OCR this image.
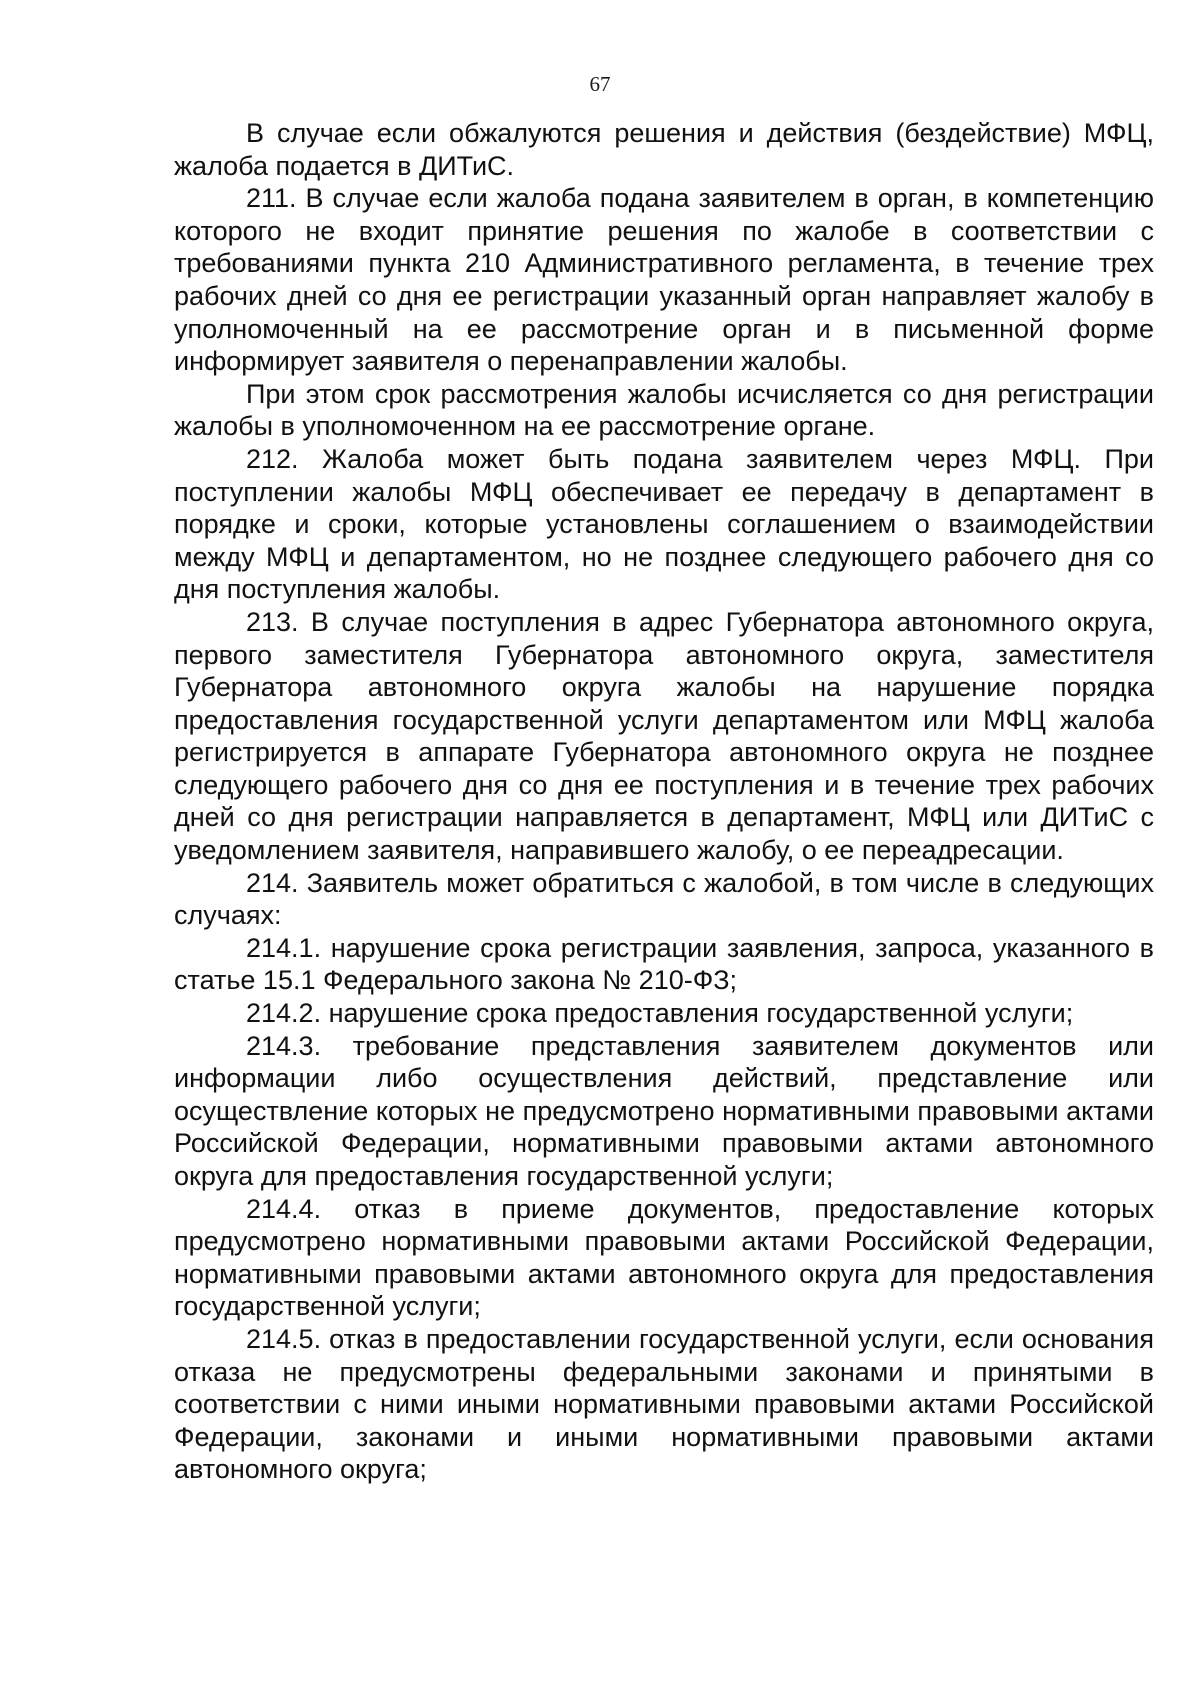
67

В случае если обжалуются решения и действия (бездействие) МФЦ, жалоба подается в ДИТиС.

211. В случае если жалоба подана заявителем в орган, в компетенцию которого не входит принятие решения по жалобе в соответствии с требованиями пункта 210 Административного регламента, в течение трех рабочих дней со дня ее регистрации указанный орган направляет жалобу в уполномоченный на ее рассмотрение орган и в письменной форме информирует заявителя о перенаправлении жалобы.

При этом срок рассмотрения жалобы исчисляется со дня регистрации жалобы в уполномоченном на ее рассмотрение органе.

212. Жалоба может быть подана заявителем через МФЦ. При поступлении жалобы МФЦ обеспечивает ее передачу в департамент в порядке и сроки, которые установлены соглашением о взаимодействии между МФЦ и департаментом, но не позднее следующего рабочего дня со дня поступления жалобы.

213. В случае поступления в адрес Губернатора автономного округа, первого заместителя Губернатора автономного округа, заместителя Губернатора автономного округа жалобы на нарушение порядка предоставления государственной услуги департаментом или МФЦ жалоба регистрируется в аппарате Губернатора автономного округа не позднее следующего рабочего дня со дня ее поступления и в течение трех рабочих дней со дня регистрации направляется в департамент, МФЦ или ДИТиС с уведомлением заявителя, направившего жалобу, о ее переадресации.

214. Заявитель может обратиться с жалобой, в том числе в следующих случаях:

214.1. нарушение срока регистрации заявления, запроса, указанного в статье 15.1 Федерального закона № 210-ФЗ;

214.2. нарушение срока предоставления государственной услуги;

214.3. требование представления заявителем документов или информации либо осуществления действий, представление или осуществление которых не предусмотрено нормативными правовыми актами Российской Федерации, нормативными правовыми актами автономного округа для предоставления государственной услуги;

214.4. отказ в приеме документов, предоставление которых предусмотрено нормативными правовыми актами Российской Федерации, нормативными правовыми актами автономного округа для предоставления государственной услуги;

214.5. отказ в предоставлении государственной услуги, если основания отказа не предусмотрены федеральными законами и принятыми в соответствии с ними иными нормативными правовыми актами Российской Федерации, законами и иными нормативными правовыми актами автономного округа;
